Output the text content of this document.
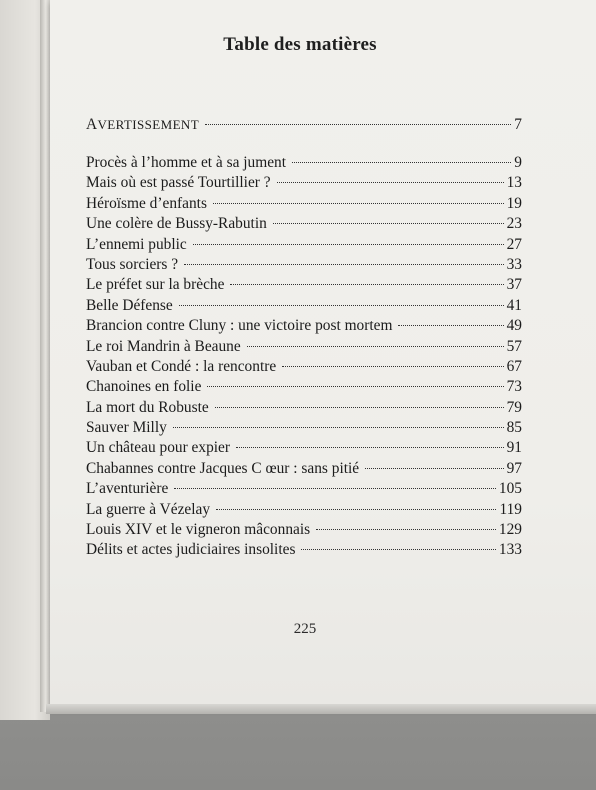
Table des matières
AVERTISSEMENT	7
Procès à l’homme et à sa jument	9
Mais où est passé Tourtillier ?	13
Héroïsme d’enfants	19
Une colère de Bussy-Rabutin	23
L’ennemi public	27
Tous sorciers ?	33
Le préfet sur la brèche	37
Belle Défense	41
Brancion contre Cluny : une victoire post mortem	49
Le roi Mandrin à Beaune	57
Vauban et Condé : la rencontre	67
Chanoines en folie	73
La mort du Robuste	79
Sauver Milly	85
Un château pour expier	91
Chabannes contre Jacques C œur : sans pitié	97
L’aventurière	105
La guerre à Vézelay	119
Louis XIV et le vigneron mâconnais	129
Délits et actes judiciaires insolites	133
225
